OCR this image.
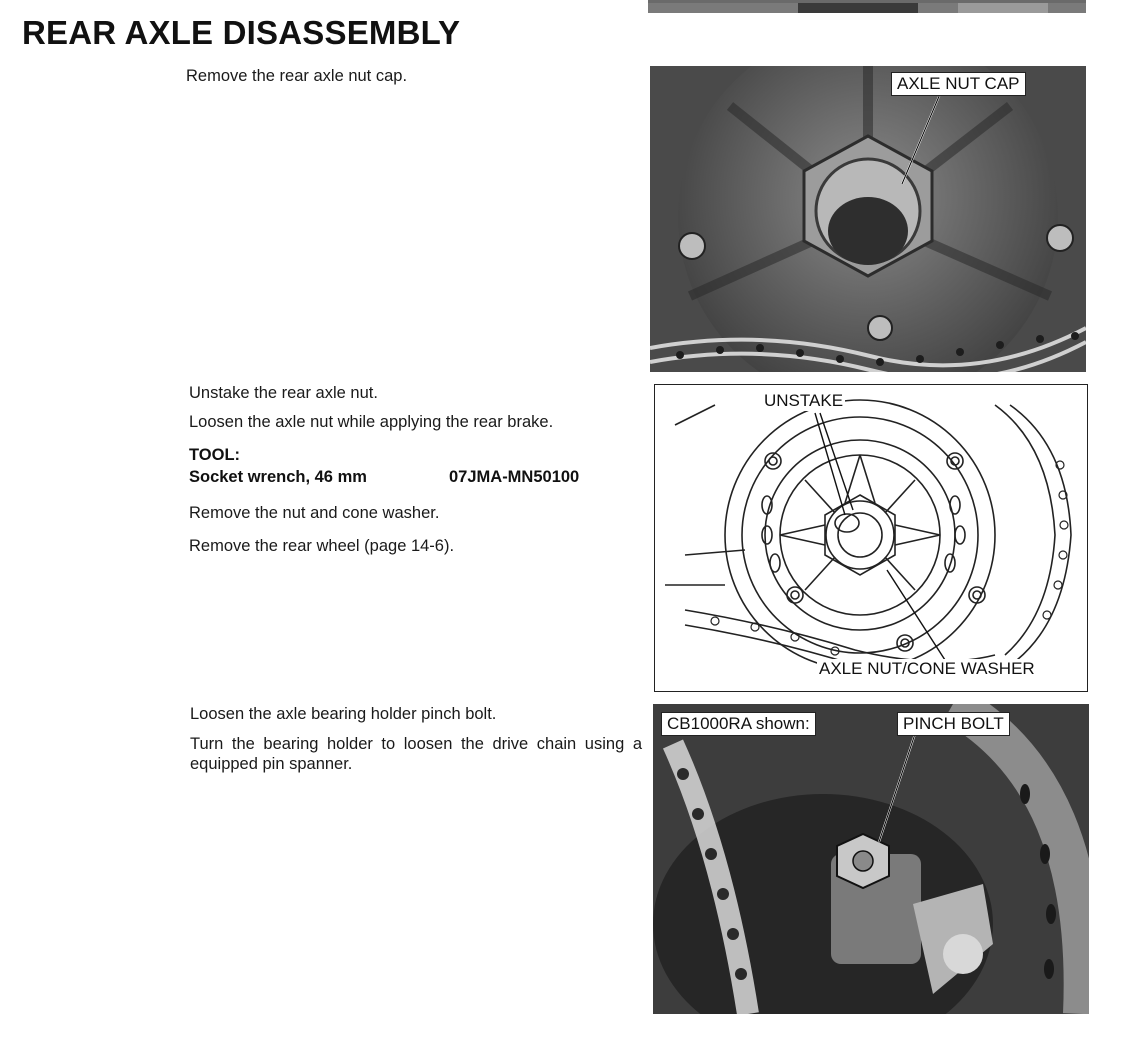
REAR AXLE DISASSEMBLY

Remove the rear axle nut cap.	AXLE NUT CAP

Unstake the rear axle nut.

Loosen the axle nut while applying the rear brake.

TOOL:
Socket wrench, 46 mm	07JMA-MN50100

Remove the nut and cone washer.

Remove the rear wheel (page 14-6).

UNSTAKE
AXLE NUT/CONE WASHER

Loosen the axle bearing holder pinch bolt.

Turn the bearing holder to loosen the drive chain using a equipped pin spanner.

CB1000RA shown:	PINCH BOLT
